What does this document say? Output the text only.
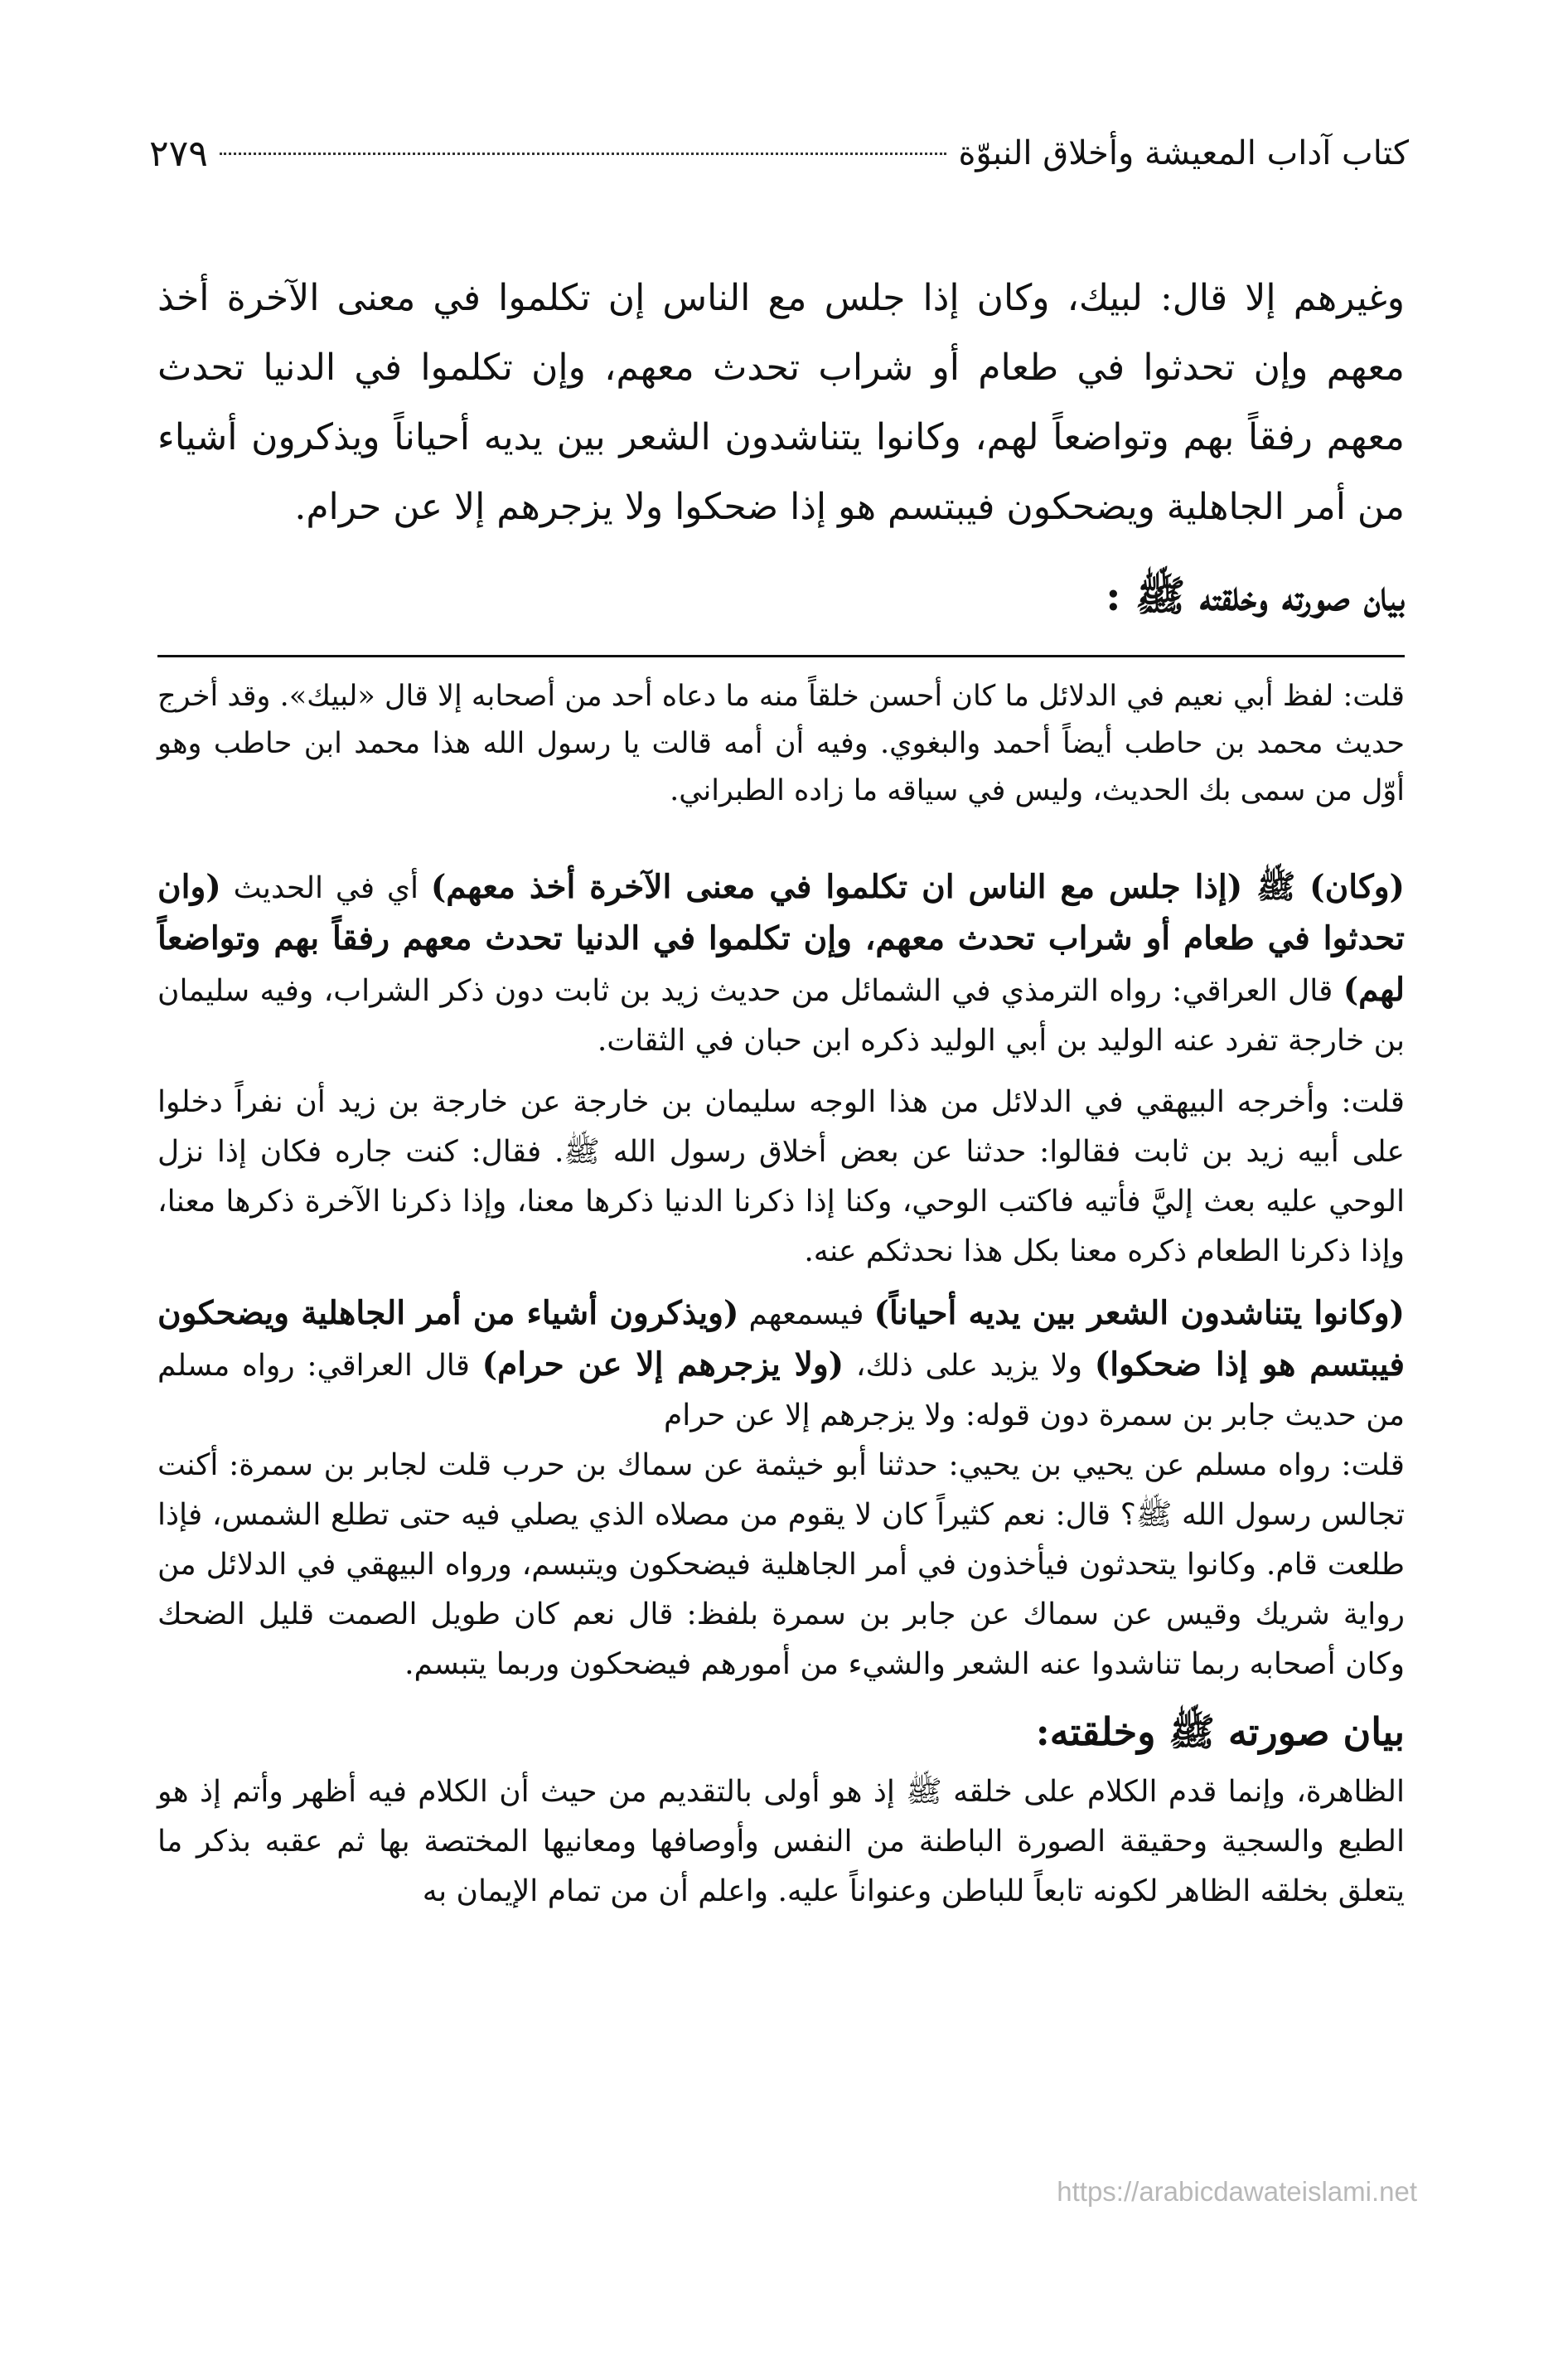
كتاب آداب المعيشة وأخلاق النبوّة
٢٧٩

وغيرهم إلا قال: لبيك، وكان إذا جلس مع الناس إن تكلموا في معنى الآخرة أخذ معهم وإن تحدثوا في طعام أو شراب تحدث معهم، وإن تكلموا في الدنيا تحدث معهم رفقاً بهم وتواضعاً لهم، وكانوا يتناشدون الشعر بين يديه أحياناً ويذكرون أشياء من أمر الجاهلية ويضحكون فيبتسم هو إذا ضحكوا ولا يزجرهم إلا عن حرام.

بيان صورته وخلقته ﷺ :

قلت: لفظ أبي نعيم في الدلائل ما كان أحسن خلقاً منه ما دعاه أحد من أصحابه إلا قال «لبيك». وقد أخرج حديث محمد بن حاطب أيضاً أحمد والبغوي. وفيه أن أمه قالت يا رسول الله هذا محمد ابن حاطب وهو أوّل من سمى بك الحديث، وليس في سياقه ما زاده الطبراني.

(وكان) ﷺ (إذا جلس مع الناس ان تكلموا في معنى الآخرة أخذ معهم) أي في الحديث (وان تحدثوا في طعام أو شراب تحدث معهم، وإن تكلموا في الدنيا تحدث معهم رفقاً بهم وتواضعاً لهم) قال العراقي: رواه الترمذي في الشمائل من حديث زيد بن ثابت دون ذكر الشراب، وفيه سليمان بن خارجة تفرد عنه الوليد بن أبي الوليد ذكره ابن حبان في الثقات.

قلت: وأخرجه البيهقي في الدلائل من هذا الوجه سليمان بن خارجة عن خارجة بن زيد أن نفراً دخلوا على أبيه زيد بن ثابت فقالوا: حدثنا عن بعض أخلاق رسول الله ﷺ. فقال: كنت جاره فكان إذا نزل الوحي عليه بعث إليَّ فأتيه فاكتب الوحي، وكنا إذا ذكرنا الدنيا ذكرها معنا، وإذا ذكرنا الآخرة ذكرها معنا، وإذا ذكرنا الطعام ذكره معنا بكل هذا نحدثكم عنه.

(وكانوا يتناشدون الشعر بين يديه أحياناً) فيسمعهم (ويذكرون أشياء من أمر الجاهلية ويضحكون فيبتسم هو إذا ضحكوا) ولا يزيد على ذلك، (ولا يزجرهم إلا عن حرام) قال العراقي: رواه مسلم من حديث جابر بن سمرة دون قوله: ولا يزجرهم إلا عن حرام

قلت: رواه مسلم عن يحيي بن يحيي: حدثنا أبو خيثمة عن سماك بن حرب قلت لجابر بن سمرة: أكنت تجالس رسول الله ﷺ؟ قال: نعم كثيراً كان لا يقوم من مصلاه الذي يصلي فيه حتى تطلع الشمس، فإذا طلعت قام. وكانوا يتحدثون فيأخذون في أمر الجاهلية فيضحكون ويتبسم، ورواه البيهقي في الدلائل من رواية شريك وقيس عن سماك عن جابر بن سمرة بلفظ: قال نعم كان طويل الصمت قليل الضحك وكان أصحابه ربما تناشدوا عنه الشعر والشيء من أمورهم فيضحكون وربما يتبسم.

بيان صورته ﷺ وخلقته:

الظاهرة، وإنما قدم الكلام على خلقه ﷺ إذ هو أولى بالتقديم من حيث أن الكلام فيه أظهر وأتم إذ هو الطبع والسجية وحقيقة الصورة الباطنة من النفس وأوصافها ومعانيها المختصة بها ثم عقبه بذكر ما يتعلق بخلقه الظاهر لكونه تابعاً للباطن وعنواناً عليه. واعلم أن من تمام الإيمان به

https://arabicdawateislami.net
